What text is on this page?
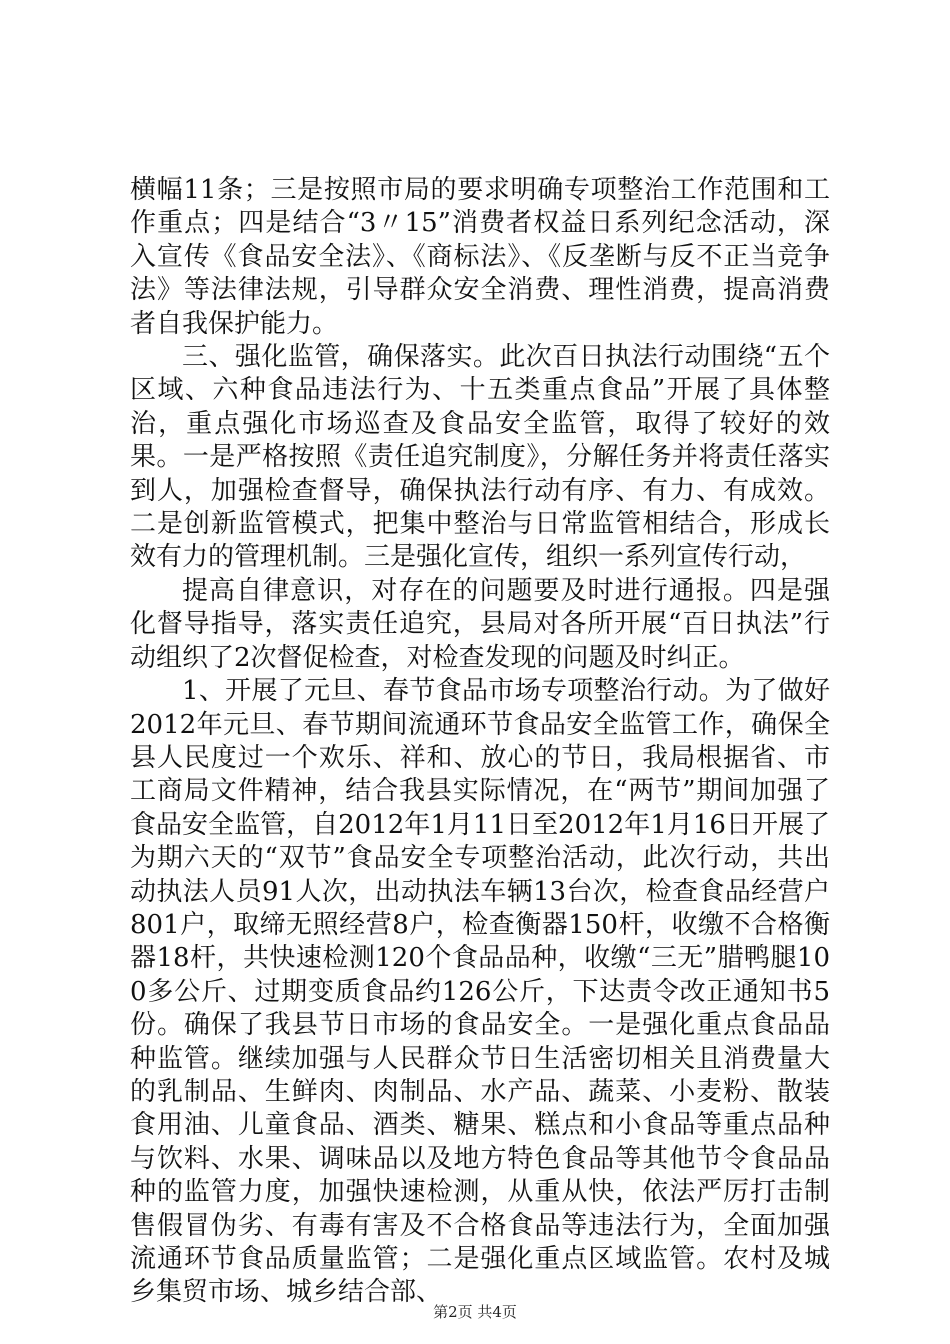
横幅11条；三是按照市局的要求明确专项整治工作范围和工作重点；四是结合“3〃15”消费者权益日系列纪念活动，深入宣传《食品安全法》、《商标法》、《反垄断与反不正当竞争法》等法律法规，引导群众安全消费、理性消费，提高消费者自我保护能力。

三、强化监管，确保落实。此次百日执法行动围绕“五个区域、六种食品违法行为、十五类重点食品”开展了具体整治，重点强化市场巡查及食品安全监管，取得了较好的效果。一是严格按照《责任追究制度》，分解任务并将责任落实到人，加强检查督导，确保执法行动有序、有力、有成效。二是创新监管模式，把集中整治与日常监管相结合，形成长效有力的管理机制。三是强化宣传，组织一系列宣传行动，

提高自律意识，对存在的问题要及时进行通报。四是强化督导指导，落实责任追究，县局对各所开展“百日执法”行动组织了2次督促检查，对检查发现的问题及时纠正。

1、开展了元旦、春节食品市场专项整治行动。为了做好2012年元旦、春节期间流通环节食品安全监管工作，确保全县人民度过一个欢乐、祥和、放心的节日，我局根据省、市工商局文件精神，结合我县实际情况，在“两节”期间加强了食品安全监管，自2012年1月11日至2012年1月16日开展了为期六天的“双节”食品安全专项整治活动，此次行动，共出动执法人员91人次，出动执法车辆13台次，检查食品经营户801户，取缔无照经营8户，检查衡器150杆，收缴不合格衡器18杆，共快速检测120个食品品种，收缴“三无”腊鸭腿100多公斤、过期变质食品约126公斤，下达责令改正通知书5份。确保了我县节日市场的食品安全。一是强化重点食品品种监管。继续加强与人民群众节日生活密切相关且消费量大的乳制品、生鲜肉、肉制品、水产品、蔬菜、小麦粉、散装食用油、儿童食品、酒类、糖果、糕点和小食品等重点品种与饮料、水果、调味品以及地方特色食品等其他节令食品品种的监管力度，加强快速检测，从重从快，依法严厉打击制售假冒伪劣、有毒有害及不合格食品等违法行为，全面加强流通环节食品质量监管；二是强化重点区域监管。农村及城乡集贸市场、城乡结合部、

第2页 共4页
